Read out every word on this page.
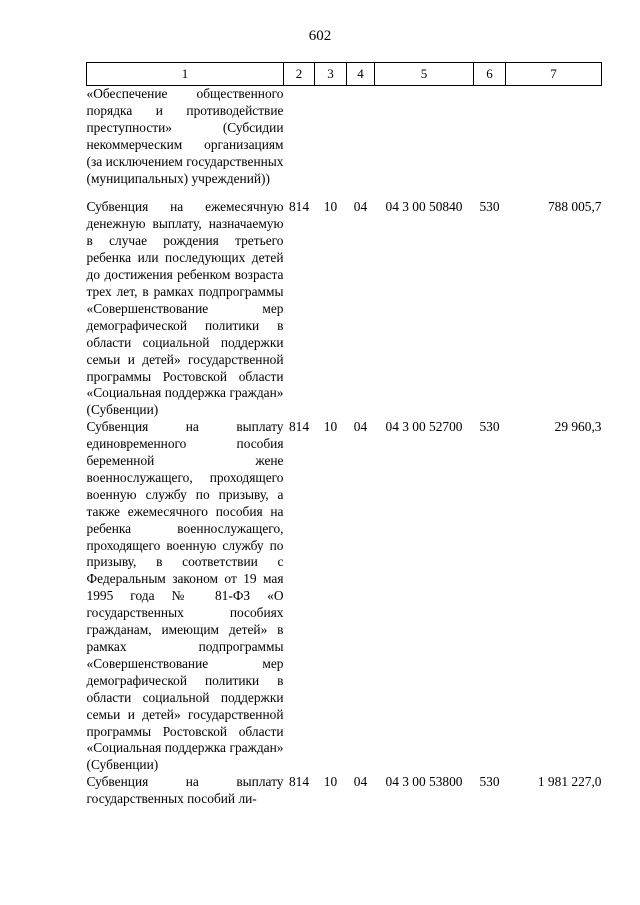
602
1	2	3	4	5	6	7
«Обеспечение общественного порядка и противодействие преступности» (Субсидии некоммерческим организациям (за исключением государственных (муниципальных) учреждений))						
Субвенция на ежемесячную денежную выплату, назначаемую в случае рождения третьего ребенка или последующих детей до достижения ребенком возраста трех лет, в рамках подпрограммы «Совершенствование мер демографической политики в области социальной поддержки семьи и детей» государственной программы Ростовской области «Социальная поддержка граждан» (Субвенции)	814	10	04	04 3 00 50840	530	788 005,7
Субвенция на выплату единовременного пособия беременной жене военнослужащего, проходящего военную службу по призыву, а также ежемесячного пособия на ребенка военнослужащего, проходящего военную службу по призыву, в соответствии с Федеральным законом от 19 мая 1995 года № 81-ФЗ «О государственных пособиях гражданам, имеющим детей» в рамках подпрограммы «Совершенствование мер демографической политики в области социальной поддержки семьи и детей» государственной программы Ростовской области «Социальная поддержка граждан» (Субвенции)	814	10	04	04 3 00 52700	530	29 960,3
Субвенция на выплату государственных пособий ли-	814	10	04	04 3 00 53800	530	1 981 227,0
